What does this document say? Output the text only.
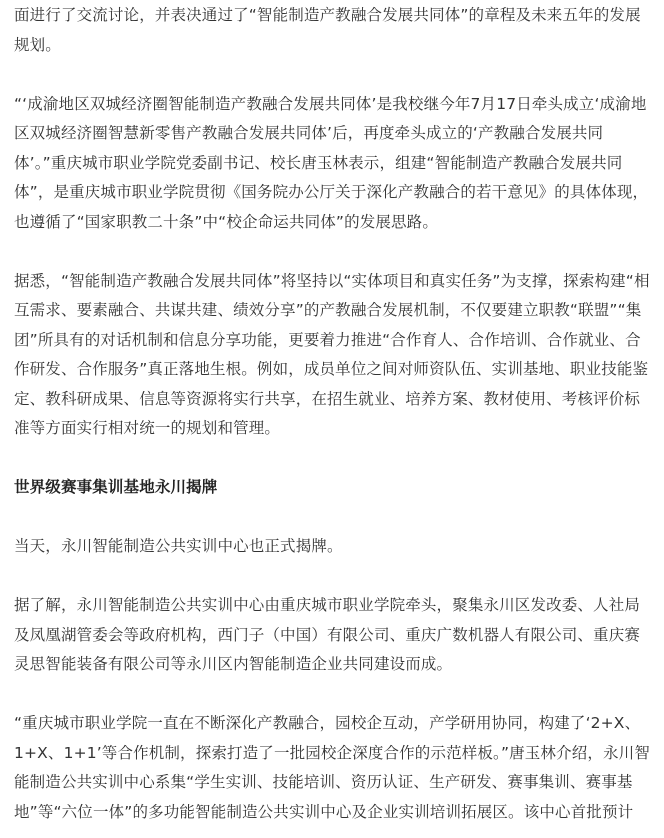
面进行了交流讨论，并表决通过了“智能制造产教融合发展共同体”的章程及未来五年的发展规划。

“‘成渝地区双城经济圈智能制造产教融合发展共同体’是我校继今年7月17日牵头成立‘成渝地区双城经济圈智慧新零售产教融合发展共同体’后，再度牵头成立的‘产教融合发展共同体’。”重庆城市职业学院党委副书记、校长唐玉林表示，组建“智能制造产教融合发展共同体”，是重庆城市职业学院贯彻《国务院办公厅关于深化产教融合的若干意见》的具体体现，也遵循了“国家职教二十条”中“校企命运共同体”的发展思路。

据悉，“智能制造产教融合发展共同体”将坚持以“实体项目和真实任务”为支撑，探索构建“相互需求、要素融合、共谋共建、绩效分享”的产教融合发展机制，不仅要建立职教“联盟”“集团”所具有的对话机制和信息分享功能，更要着力推进“合作育人、合作培训、合作就业、合作研发、合作服务”真正落地生根。例如，成员单位之间对师资队伍、实训基地、职业技能鉴定、教科研成果、信息等资源将实行共享，在招生就业、培养方案、教材使用、考核评价标准等方面实行相对统一的规划和管理。

世界级赛事集训基地永川揭牌

当天，永川智能制造公共实训中心也正式揭牌。

据了解，永川智能制造公共实训中心由重庆城市职业学院牵头，聚集永川区发改委、人社局及凤凰湖管委会等政府机构，西门子（中国）有限公司、重庆广数机器人有限公司、重庆赛灵思智能装备有限公司等永川区内智能制造企业共同建设而成。

“重庆城市职业学院一直在不断深化产教融合，园校企互动，产学研用协同，构建了‘2+X、1+X、1+1’等合作机制，探索打造了一批园校企深度合作的示范样板。”唐玉林介绍，永川智能制造公共实训中心系集“学生实训、技能培训、资历认证、生产研发、赛事集训、赛事基地”等“六位一体”的多功能智能制造公共实训中心及企业实训培训拓展区。该中心首批预计
